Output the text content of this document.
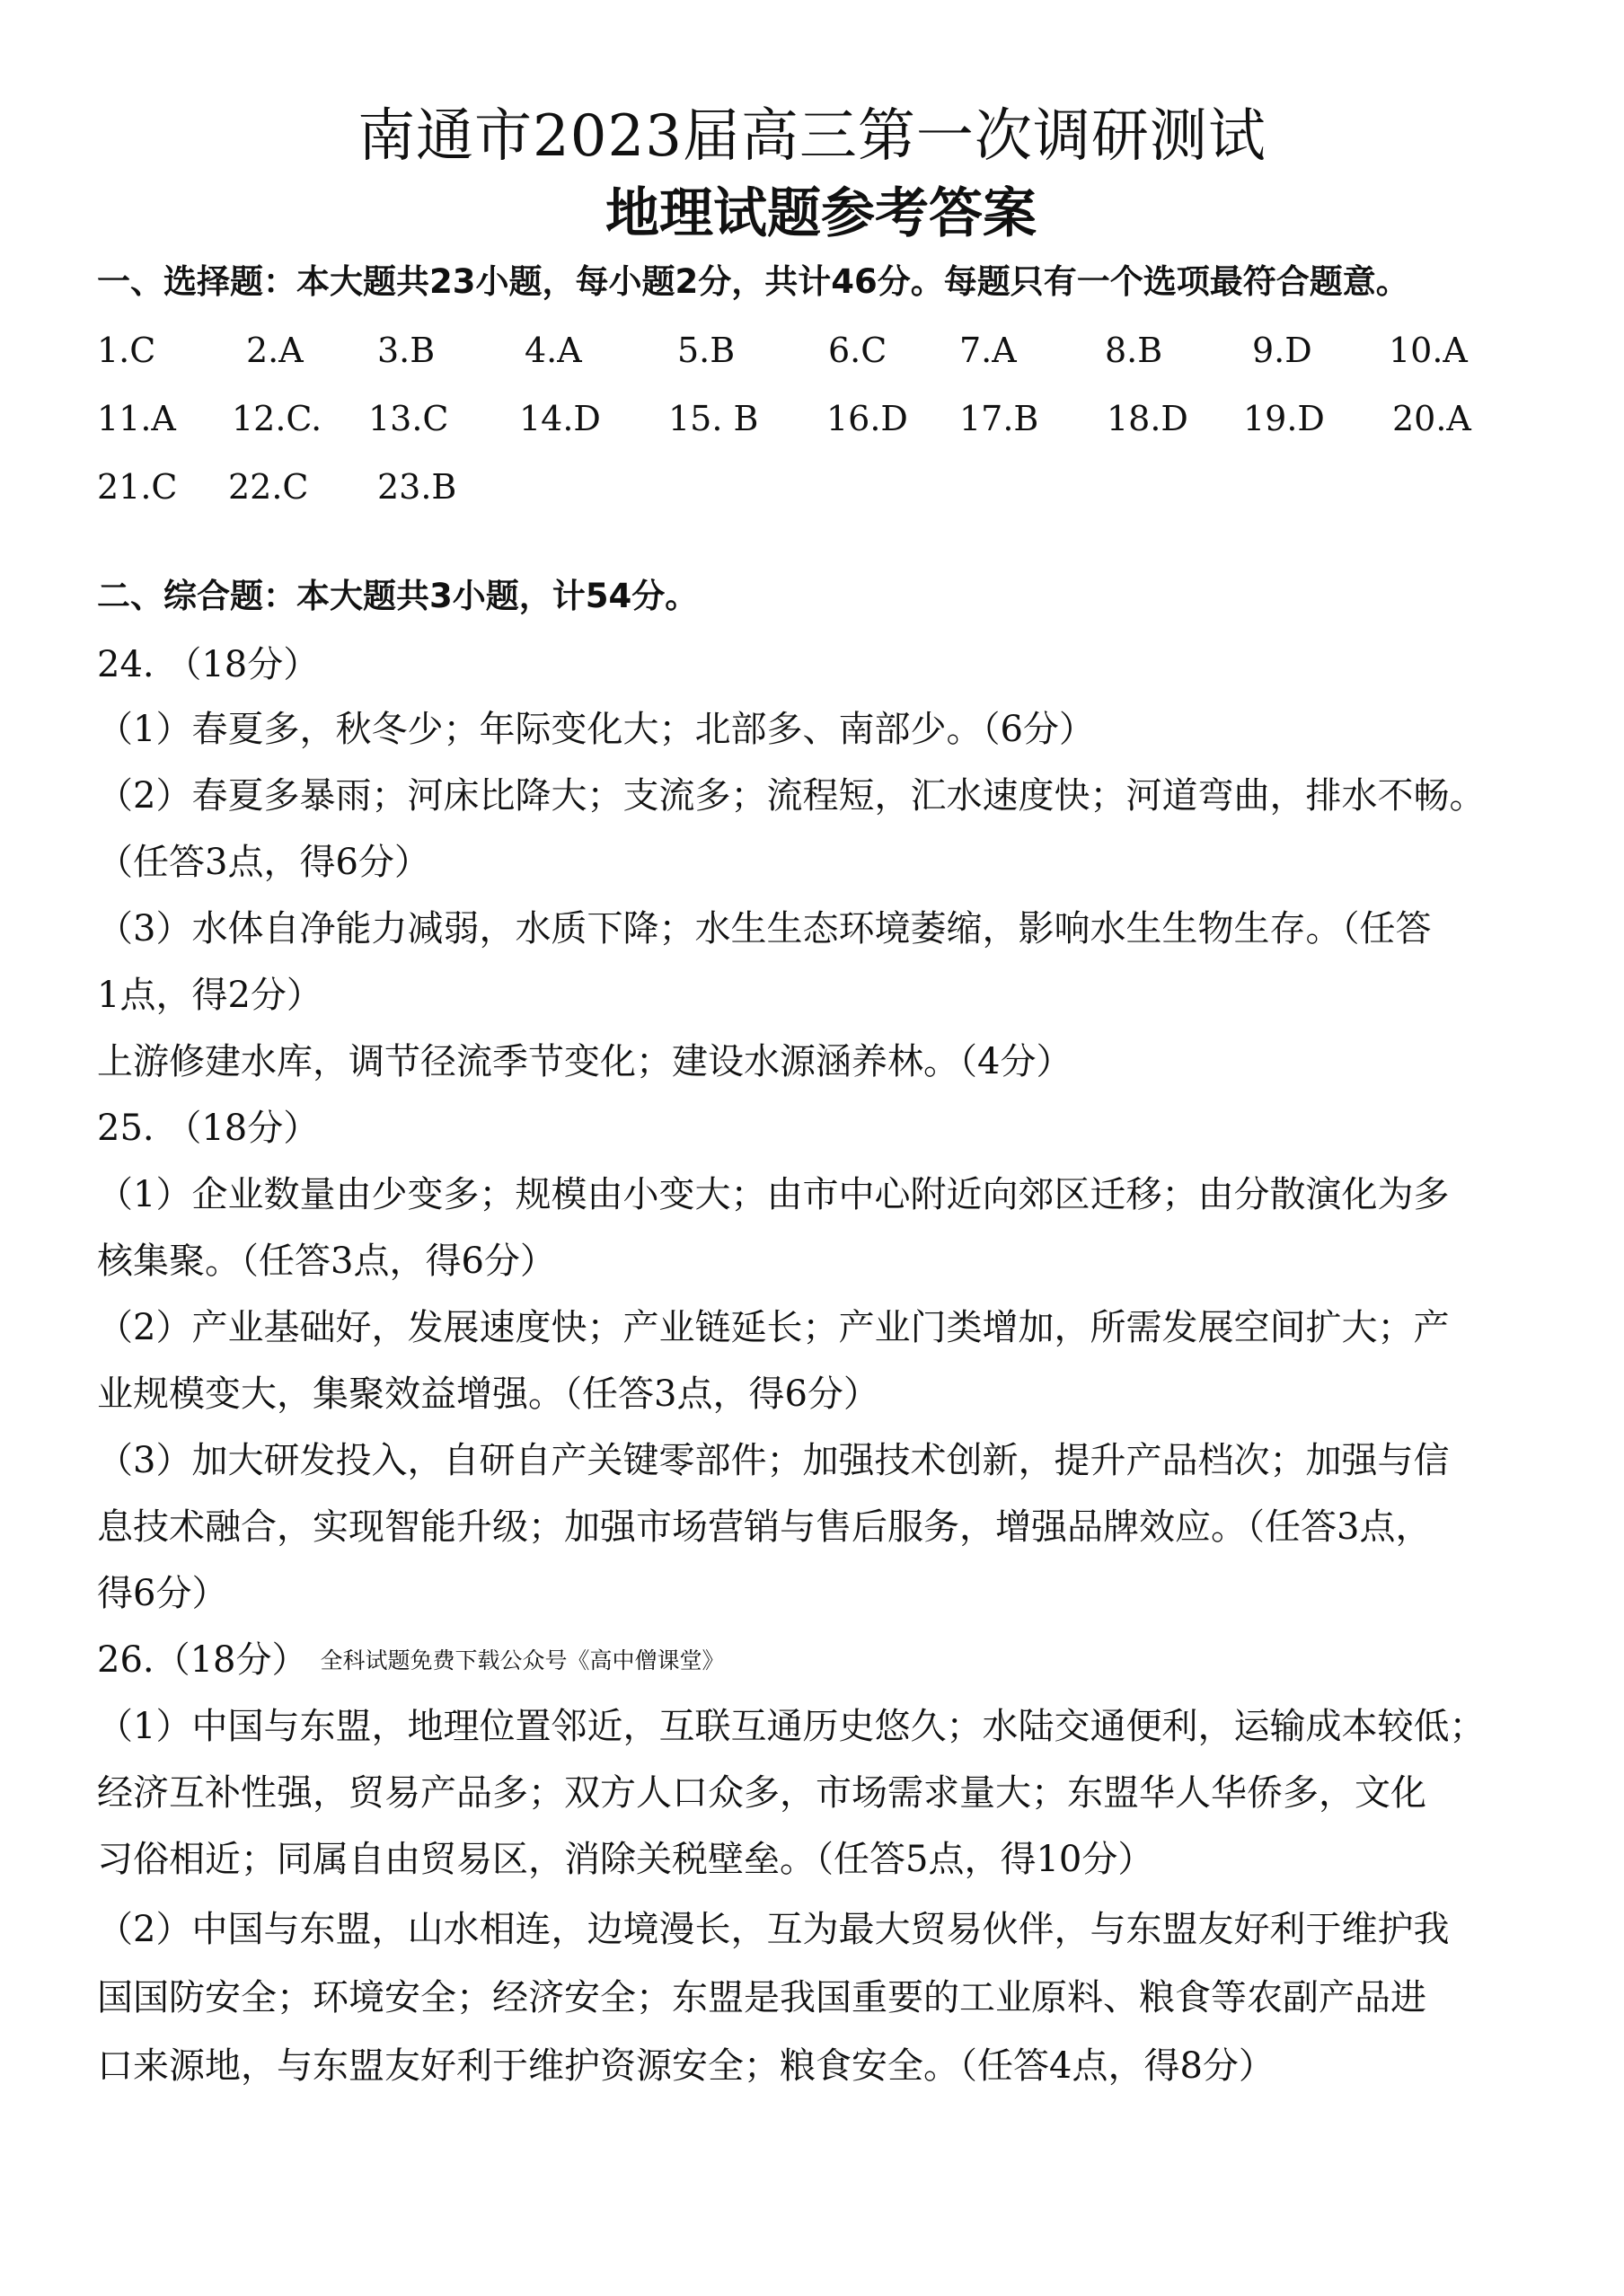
南通市2023届高三第一次调研测试
地理试题参考答案
一、选择题：本大题共23小题，每小题2分，共计46分。每题只有一个选项最符合题意。
1.C	2.A 3.B	4.A	5.B	6.C 7.A	8.B	9.D 10.A
11.A 12.C. 13.C 14.D 15. B 16.D 17.B 18.D 19.D 20.A
21.C 22.C 23.B
二、综合题：本大题共3小题，计54分。
24. （18分）
（1）春夏多，秋冬少；年际变化大；北部多、南部少。（6分）
（2）春夏多暴雨；河床比降大；支流多；流程短，汇水速度快；河道弯曲，排水不畅。
（任答3点，得6分）
（3）水体自净能力减弱，水质下降；水生生态环境萎缩，影响水生生物生存。（任答
1点，得2分）
上游修建水库，调节径流季节变化；建设水源涵养林。（4分）
25. （18分）
（1）企业数量由少变多；规模由小变大；由市中心附近向郊区迁移；由分散演化为多
核集聚。（任答3点，得6分）
（2）产业基础好，发展速度快；产业链延长；产业门类增加，所需发展空间扩大；产
业规模变大，集聚效益增强。（任答3点，得6分）
（3）加大研发投入，自研自产关键零部件；加强技术创新，提升产品档次；加强与信
息技术融合，实现智能升级；加强市场营销与售后服务，增强品牌效应。（任答3点，
得6分）
26.（18分） 全科试题免费下载公众号《高中僧课堂》
（1）中国与东盟，地理位置邻近，互联互通历史悠久；水陆交通便利，运输成本较低；
经济互补性强，贸易产品多；双方人口众多，市场需求量大；东盟华人华侨多，文化
习俗相近；同属自由贸易区，消除关税壁垒。（任答5点，得10分）
（2）中国与东盟，山水相连，边境漫长，互为最大贸易伙伴，与东盟友好利于维护我
国国防安全；环境安全；经济安全；东盟是我国重要的工业原料、粮食等农副产品进
口来源地，与东盟友好利于维护资源安全；粮食安全。（任答4点，得8分）
